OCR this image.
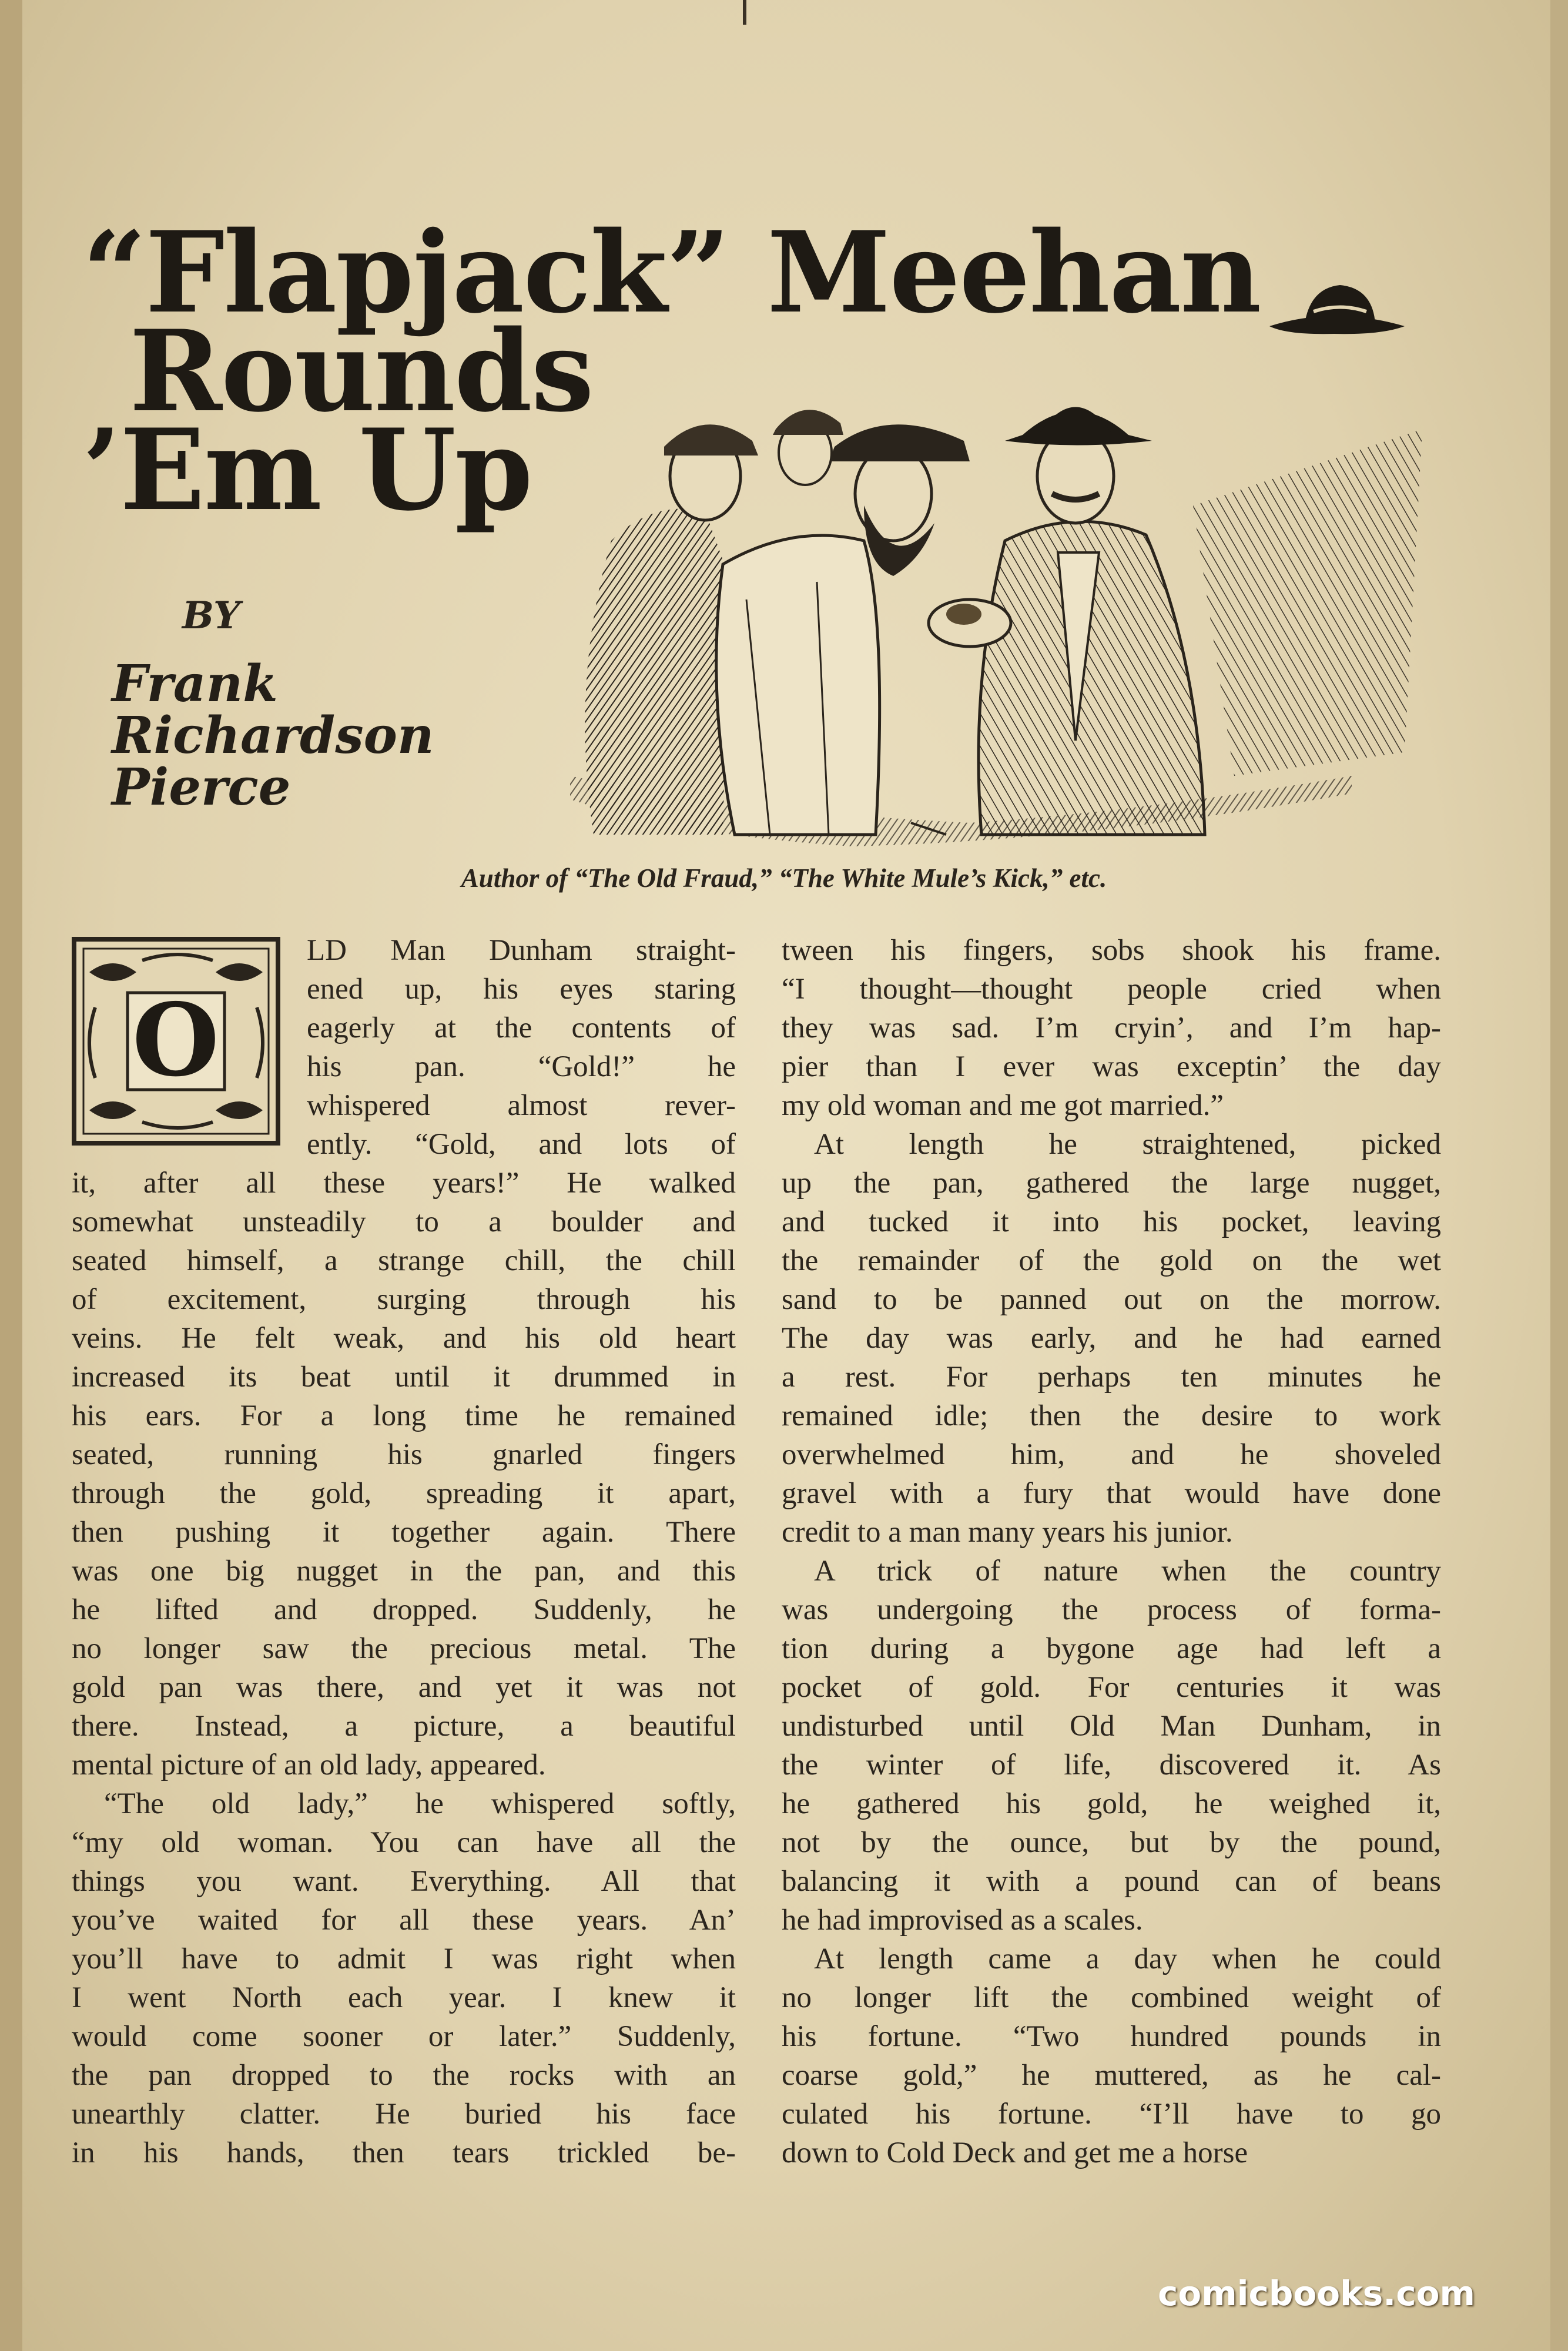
“Flapjack” Meehan
Rounds
’Em Up
BY
Frank
Richardson
Pierce
Author of “The Old Fraud,” “The White Mule’s Kick,” etc.
O
LD Man Dunham straight-
ened up, his eyes staring
eagerly at the contents of
his pan. “Gold!” he
whispered almost rever-
ently. “Gold, and lots of
it, after all these years!” He walked
somewhat unsteadily to a boulder and
seated himself, a strange chill, the chill
of excitement, surging through his
veins. He felt weak, and his old heart
increased its beat until it drummed in
his ears. For a long time he remained
seated, running his gnarled fingers
through the gold, spreading it apart,
then pushing it together again. There
was one big nugget in the pan, and this
he lifted and dropped. Suddenly, he
no longer saw the precious metal. The
gold pan was there, and yet it was not
there. Instead, a picture, a beautiful
mental picture of an old lady, appeared.
“The old lady,” he whispered softly,
“my old woman. You can have all the
things you want. Everything. All that
you’ve waited for all these years. An’
you’ll have to admit I was right when
I went North each year. I knew it
would come sooner or later.” Suddenly,
the pan dropped to the rocks with an
unearthly clatter. He buried his face
in his hands, then tears trickled be-
tween his fingers, sobs shook his frame.
“I thought—thought people cried when
they was sad. I’m cryin’, and I’m hap-
pier than I ever was exceptin’ the day
my old woman and me got married.”
At length he straightened, picked
up the pan, gathered the large nugget,
and tucked it into his pocket, leaving
the remainder of the gold on the wet
sand to be panned out on the morrow.
The day was early, and he had earned
a rest. For perhaps ten minutes he
remained idle; then the desire to work
overwhelmed him, and he shoveled
gravel with a fury that would have done
credit to a man many years his junior.
A trick of nature when the country
was undergoing the process of forma-
tion during a bygone age had left a
pocket of gold. For centuries it was
undisturbed until Old Man Dunham, in
the winter of life, discovered it. As
he gathered his gold, he weighed it,
not by the ounce, but by the pound,
balancing it with a pound can of beans
he had improvised as a scales.
At length came a day when he could
no longer lift the combined weight of
his fortune. “Two hundred pounds in
coarse gold,” he muttered, as he cal-
culated his fortune. “I’ll have to go
down to Cold Deck and get me a horse
comicbooks.com
